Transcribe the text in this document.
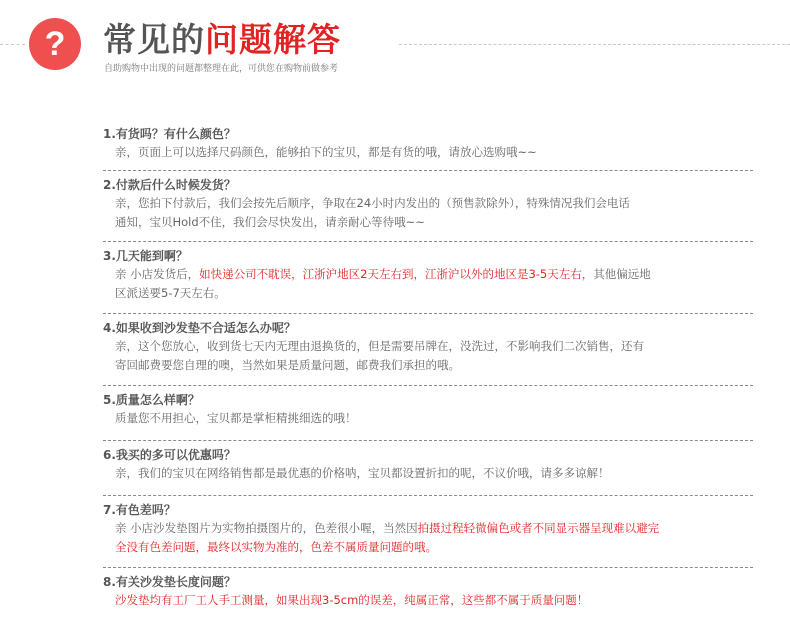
?	常见的问题解答
自助购物中出现的问题都整理在此，可供您在购物前做参考

1.有货吗？有什么颜色？

亲，页面上可以选择尺码颜色，能够拍下的宝贝，都是有货的哦，请放心选购哦~~

2.付款后什么时候发货？

亲，您拍下付款后，我们会按先后顺序，争取在24小时内发出的（预售款除外），特殊情况我们会电话
通知，宝贝Hold不住，我们会尽快发出，请亲耐心等待哦~~

3.几天能到啊？

亲 小店发货后，如快递公司不耽误，江浙沪地区2天左右到，江浙沪以外的地区是3-5天左右，其他偏远地
区派送要5-7天左右。

4.如果收到沙发垫不合适怎么办呢？

亲，这个您放心，收到货七天内无理由退换货的，但是需要吊牌在，没洗过，不影响我们二次销售，还有
寄回邮费要您自理的噢，当然如果是质量问题，邮费我们承担的哦。

5.质量怎么样啊？

质量您不用担心，宝贝都是掌柜精挑细选的哦！

6.我买的多可以优惠吗？

亲，我们的宝贝在网络销售都是最优惠的价格呐，宝贝都设置折扣的呢，不议价哦，请多多谅解！

7.有色差吗？

亲 小店沙发垫图片为实物拍摄图片的，色差很小喔，当然因拍摄过程轻微偏色或者不同显示器呈现难以避完
全没有色差问题，最终以实物为准的，色差不属质量问题的哦。

8.有关沙发垫长度问题？

沙发垫均有工厂工人手工测量，如果出现3-5cm的误差，纯属正常，这些都不属于质量问题！
